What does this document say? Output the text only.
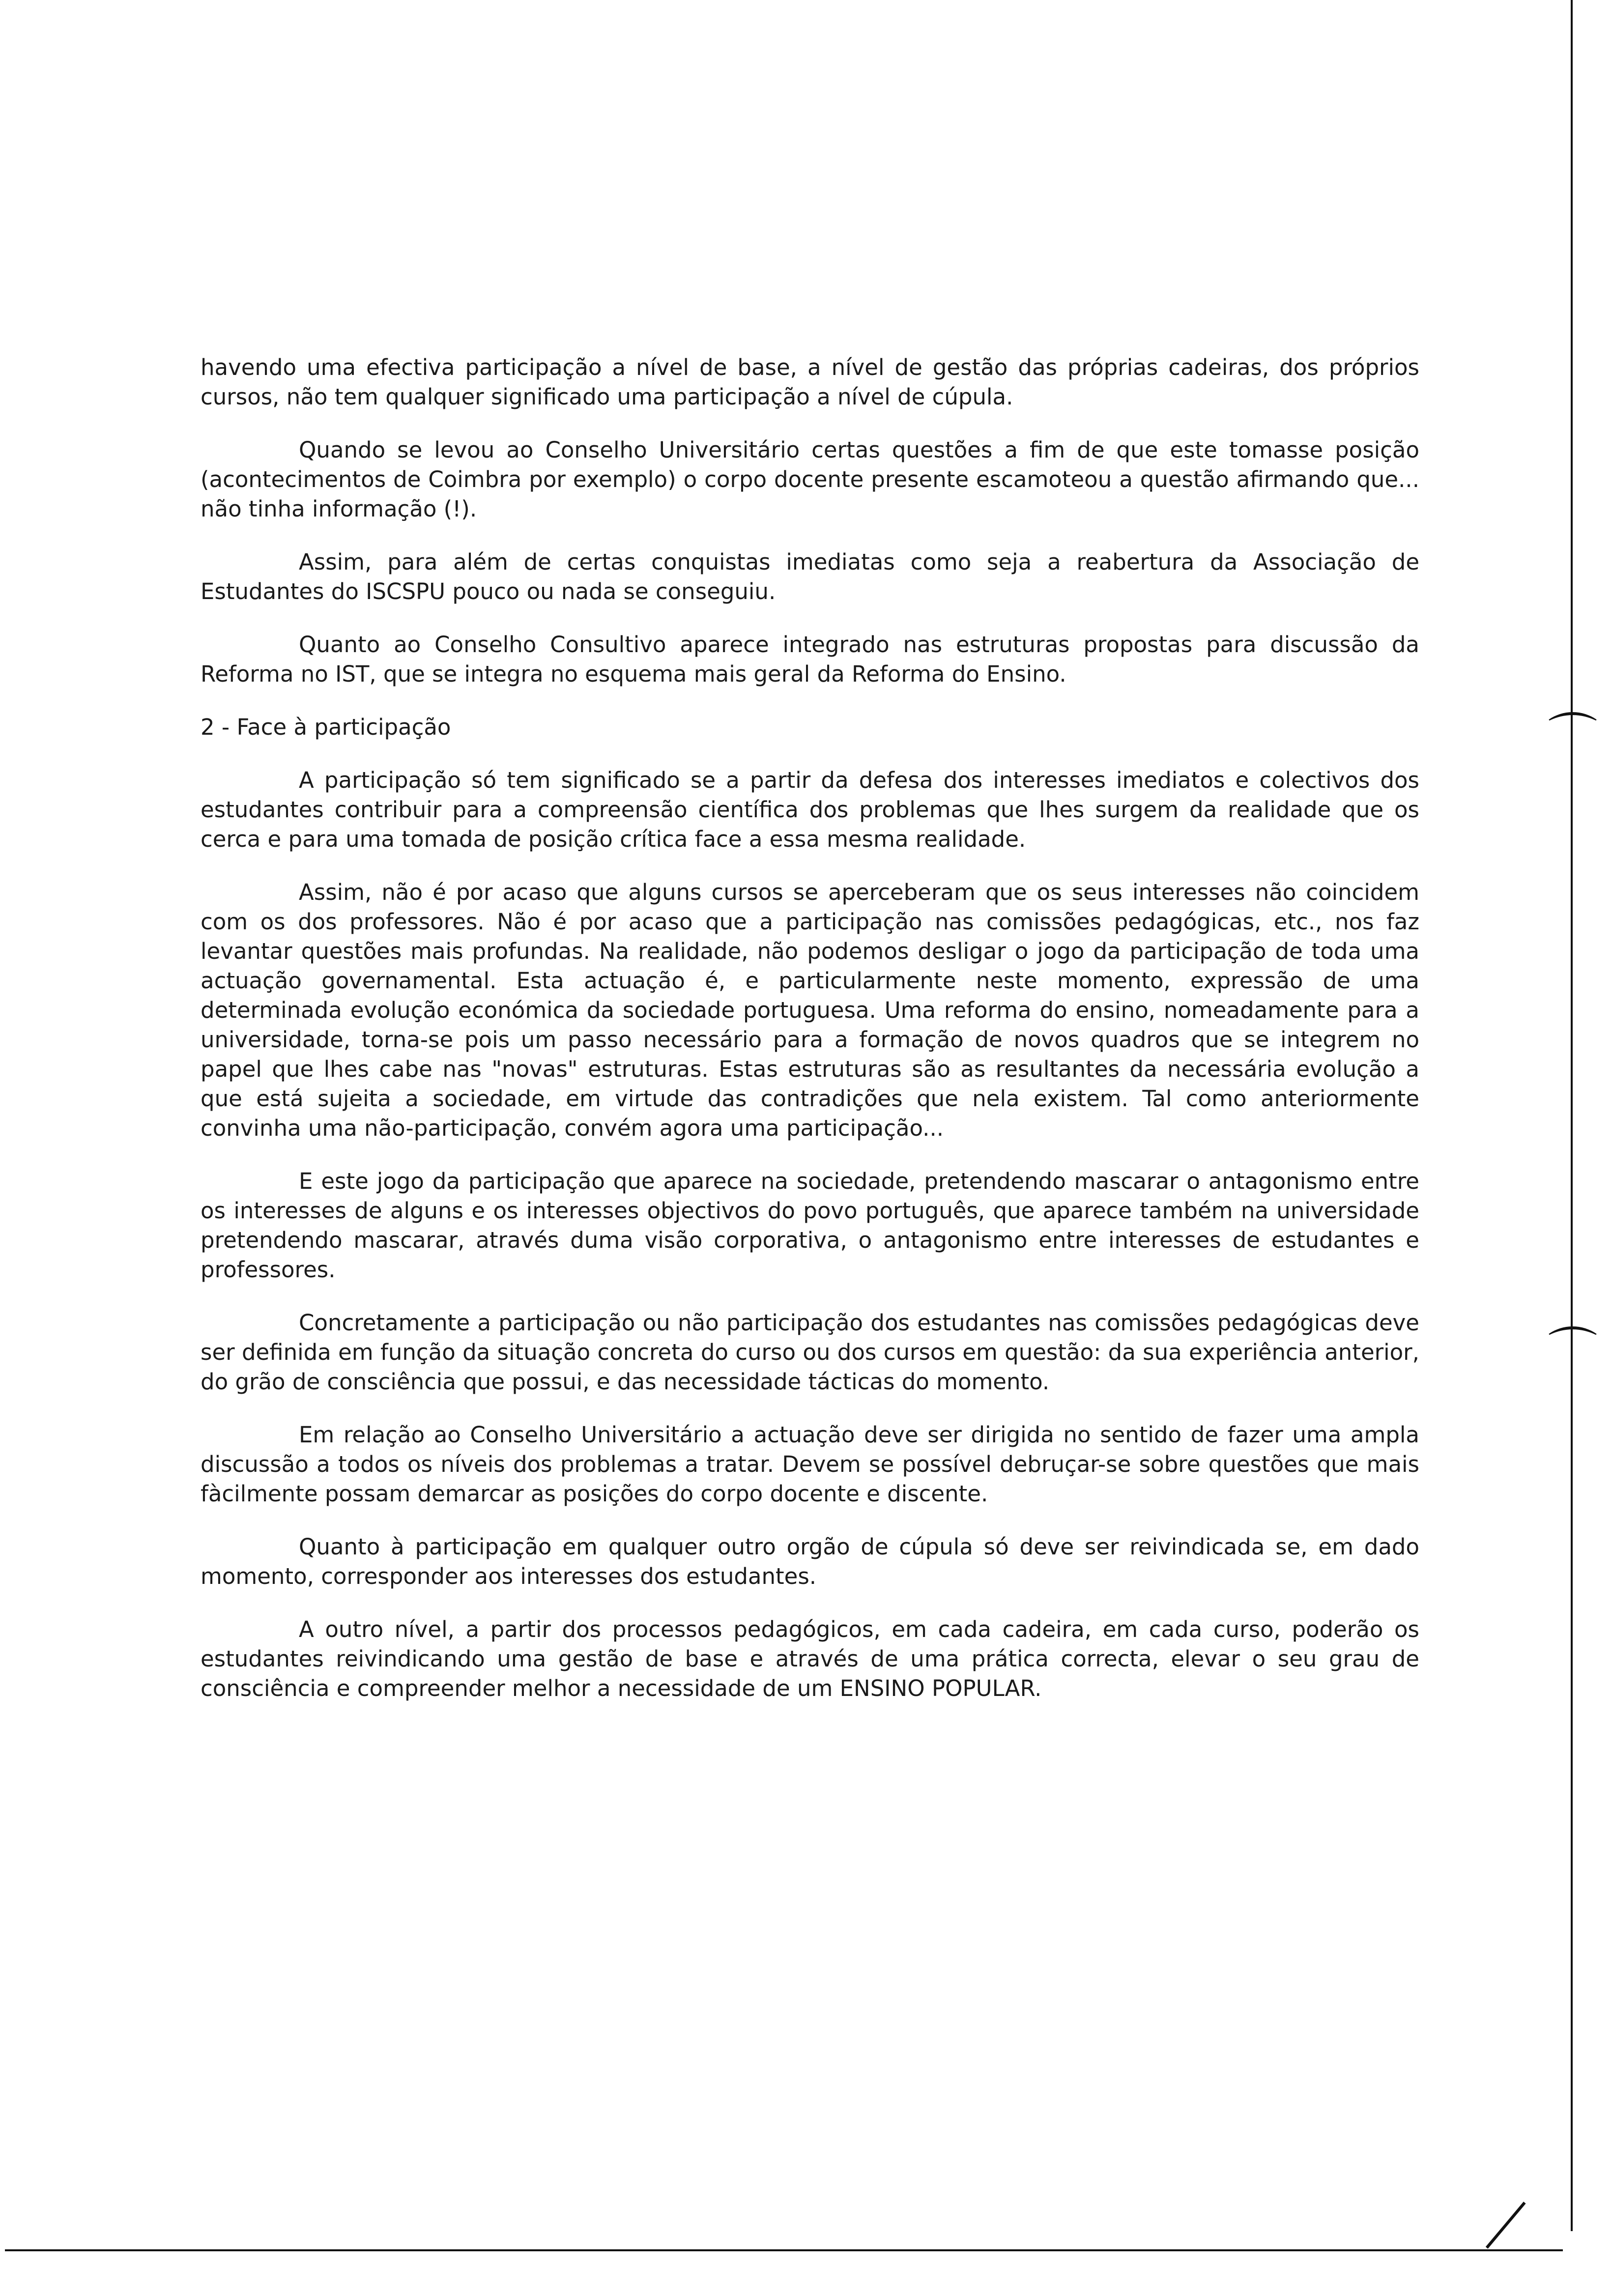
havendo uma efectiva participação a nível de base, a nível de gestão das próprias cadeiras, dos próprios cursos, não tem qualquer significado uma participação a nível de cúpula.

Quando se levou ao Conselho Universitário certas questões a fim de que este tomasse posição (acontecimentos de Coimbra por exemplo) o corpo docente presente escamoteou a questão afirmando que... não tinha informação (!).

Assim, para além de certas conquistas imediatas como seja a reabertura da Associação de Estudantes do ISCSPU pouco ou nada se conseguiu.

Quanto ao Conselho Consultivo aparece integrado nas estruturas propostas para discussão da Reforma no IST, que se integra no esquema mais geral da Reforma do Ensino.

2 - Face à participação

A participação só tem significado se a partir da defesa dos interesses imediatos e colectivos dos estudantes contribuir para a compreensão científica dos problemas que lhes surgem da realidade que os cerca e para uma tomada de posição crítica face a essa mesma realidade.

Assim, não é por acaso que alguns cursos se aperceberam que os seus interesses não coincidem com os dos professores. Não é por acaso que a participação nas comissões pedagógicas, etc., nos faz levantar questões mais profundas. Na realidade, não podemos desligar o jogo da participação de toda uma actuação governamental. Esta actuação é, e particularmente neste momento, expressão de uma determinada evolução económica da sociedade portuguesa. Uma reforma do ensino, nomeadamente para a universidade, torna-se pois um passo necessário para a formação de novos quadros que se integrem no papel que lhes cabe nas "novas" estruturas. Estas estruturas são as resultantes da necessária evolução a que está sujeita a sociedade, em virtude das contradições que nela existem. Tal como anteriormente convinha uma não-participação, convém agora uma participação...

E este jogo da participação que aparece na sociedade, pretendendo mascarar o antagonismo entre os interesses de alguns e os interesses objectivos do povo português, que aparece também na universidade pretendendo mascarar, através duma visão corporativa, o antagonismo entre interesses de estudantes e professores.

Concretamente a participação ou não participação dos estudantes nas comissões pedagógicas deve ser definida em função da situação concreta do curso ou dos cursos em questão: da sua experiência anterior, do grão de consciência que possui, e das necessidade tácticas do momento.

Em relação ao Conselho Universitário a actuação deve ser dirigida no sentido de fazer uma ampla discussão a todos os níveis dos problemas a tratar. Devem se possível debruçar-se sobre questões que mais fàcilmente possam demarcar as posições do corpo docente e discente.

Quanto à participação em qualquer outro orgão de cúpula só deve ser reivindicada se, em dado momento, corresponder aos interesses dos estudantes.

A outro nível, a partir dos processos pedagógicos, em cada cadeira, em cada curso, poderão os estudantes reivindicando uma gestão de base e através de uma prática correcta, elevar o seu grau de consciência e compreender melhor a necessidade de um ENSINO POPULAR.

⌒
⌒
